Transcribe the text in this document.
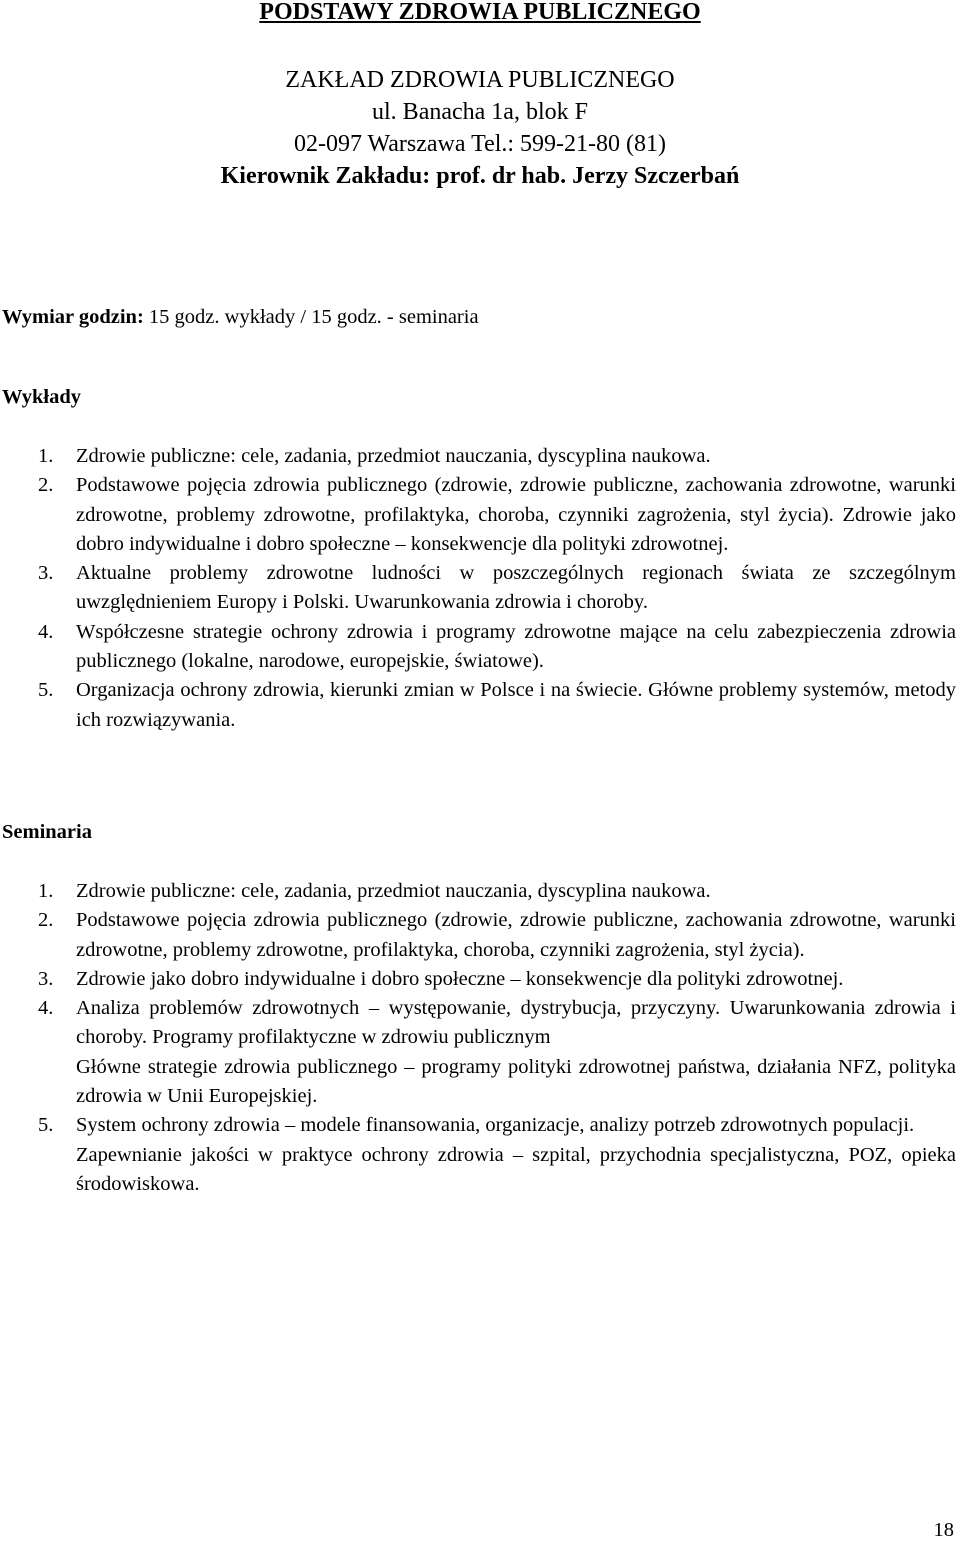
PODSTAWY ZDROWIA PUBLICZNEGO
ZAKŁAD ZDROWIA PUBLICZNEGO
ul. Banacha 1a, blok F
02-097 Warszawa Tel.: 599-21-80 (81)
Kierownik Zakładu: prof. dr hab. Jerzy Szczerbań
Wymiar godzin: 15 godz. wykłady / 15 godz. - seminaria
Wykłady
1. Zdrowie publiczne: cele, zadania, przedmiot nauczania, dyscyplina naukowa.
2. Podstawowe pojęcia zdrowia publicznego (zdrowie, zdrowie publiczne, zachowania zdrowotne, warunki zdrowotne, problemy zdrowotne, profilaktyka, choroba, czynniki zagrożenia, styl życia). Zdrowie jako dobro indywidualne i dobro społeczne – konsekwencje dla polityki zdrowotnej.
3. Aktualne problemy zdrowotne ludności w poszczególnych regionach świata ze szczególnym uwzględnieniem Europy i Polski. Uwarunkowania zdrowia i choroby.
4. Współczesne strategie ochrony zdrowia i programy zdrowotne mające na celu zabezpieczenia zdrowia publicznego (lokalne, narodowe, europejskie, światowe).
5. Organizacja ochrony zdrowia, kierunki zmian w Polsce i na świecie. Główne problemy systemów, metody ich rozwiązywania.
Seminaria
1. Zdrowie publiczne: cele, zadania, przedmiot nauczania, dyscyplina naukowa.
2. Podstawowe pojęcia zdrowia publicznego (zdrowie, zdrowie publiczne, zachowania zdrowotne, warunki zdrowotne, problemy zdrowotne, profilaktyka, choroba, czynniki zagrożenia, styl życia).
3. Zdrowie jako dobro indywidualne i dobro społeczne – konsekwencje dla polityki zdrowotnej.
4. Analiza problemów zdrowotnych – występowanie, dystrybucja, przyczyny. Uwarunkowania zdrowia i choroby. Programy profilaktyczne w zdrowiu publicznym
Główne strategie zdrowia publicznego – programy polityki zdrowotnej państwa, działania NFZ, polityka zdrowia w Unii Europejskiej.
5. System ochrony zdrowia – modele finansowania, organizacje, analizy potrzeb zdrowotnych populacji.
Zapewnianie jakości w praktyce ochrony zdrowia – szpital, przychodnia specjalistyczna, POZ, opieka środowiskowa.
18
